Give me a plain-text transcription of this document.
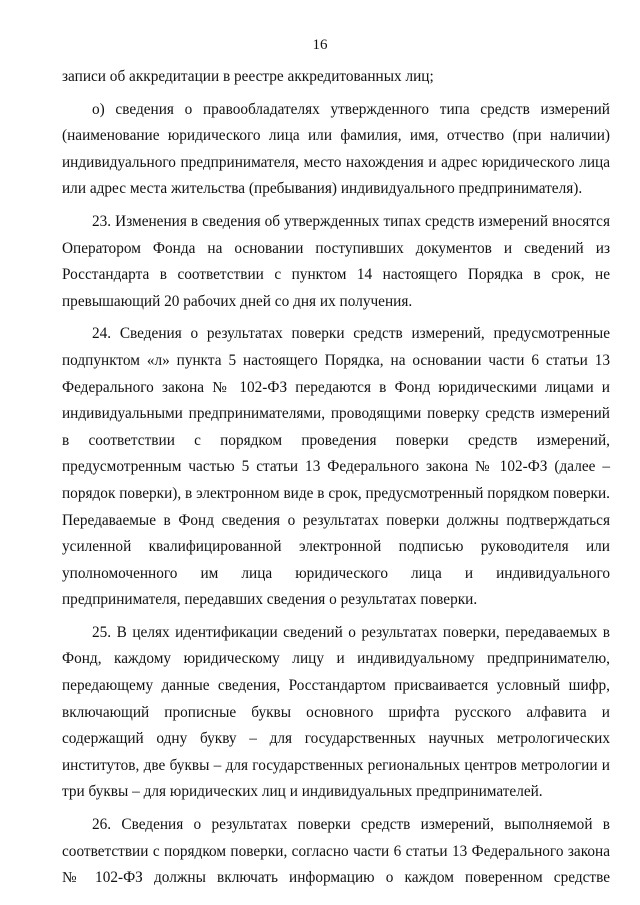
16

записи об аккредитации в реестре аккредитованных лиц;

о) сведения о правообладателях утвержденного типа средств измерений (наименование юридического лица или фамилия, имя, отчество (при наличии) индивидуального предпринимателя, место нахождения и адрес юридического лица или адрес места жительства (пребывания) индивидуального предпринимателя).

23. Изменения в сведения об утвержденных типах средств измерений вносятся Оператором Фонда на основании поступивших документов и сведений из Росстандарта в соответствии с пунктом 14 настоящего Порядка в срок, не превышающий 20 рабочих дней со дня их получения.

24. Сведения о результатах поверки средств измерений, предусмотренные подпунктом «л» пункта 5 настоящего Порядка, на основании части 6 статьи 13 Федерального закона № 102-ФЗ передаются в Фонд юридическими лицами и индивидуальными предпринимателями, проводящими поверку средств измерений в соответствии с порядком проведения поверки средств измерений, предусмотренным частью 5 статьи 13 Федерального закона № 102-ФЗ (далее – порядок поверки), в электронном виде в срок, предусмотренный порядком поверки. Передаваемые в Фонд сведения о результатах поверки должны подтверждаться усиленной квалифицированной электронной подписью руководителя или уполномоченного им лица юридического лица и индивидуального предпринимателя, передавших сведения о результатах поверки.

25. В целях идентификации сведений о результатах поверки, передаваемых в Фонд, каждому юридическому лицу и индивидуальному предпринимателю, передающему данные сведения, Росстандартом присваивается условный шифр, включающий прописные буквы основного шрифта русского алфавита и содержащий одну букву – для государственных научных метрологических институтов, две буквы – для государственных региональных центров метрологии и три буквы – для юридических лиц и индивидуальных предпринимателей.

26. Сведения о результатах поверки средств измерений, выполняемой в соответствии с порядком поверки, согласно части 6 статьи 13 Федерального закона № 102-ФЗ должны включать информацию о каждом поверенном средстве
